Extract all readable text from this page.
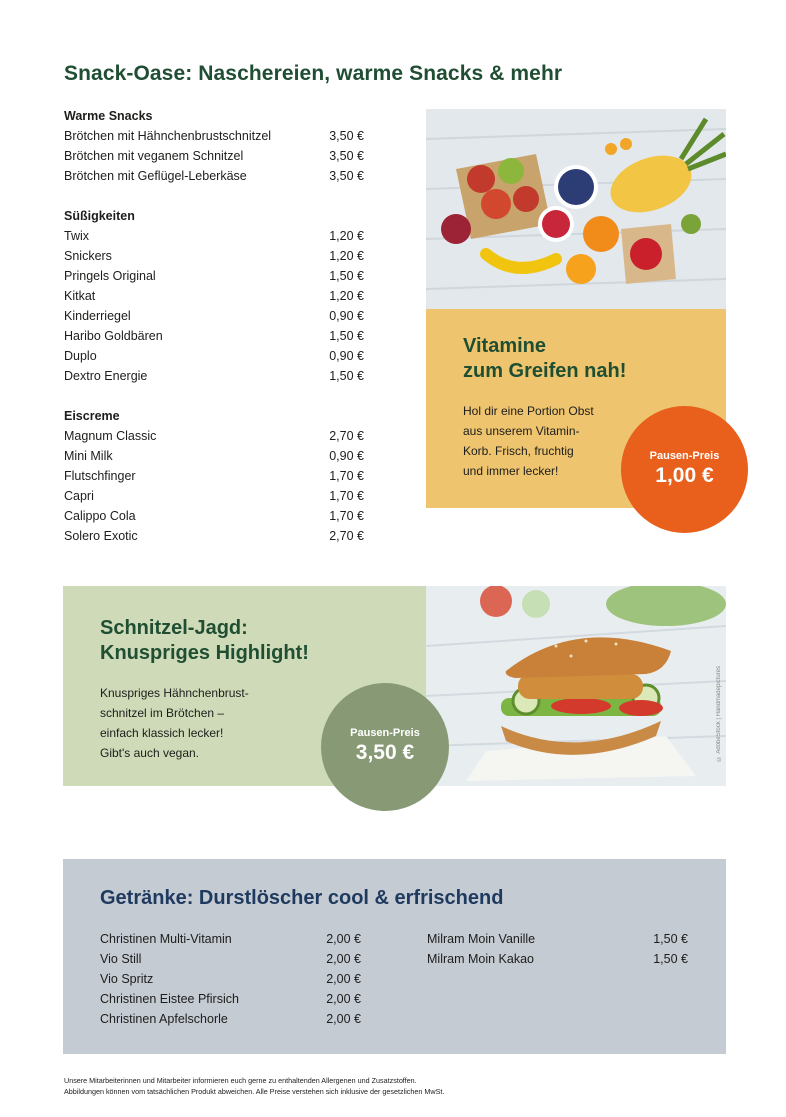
Snack-Oase: Naschereien, warme Snacks & mehr
Warme Snacks
Brötchen mit Hähnchenbrustschnitzel	3,50 €
Brötchen mit veganem Schnitzel	3,50 €
Brötchen mit Geflügel-Leberkäse	3,50 €
Süßigkeiten
Twix	1,20 €
Snickers	1,20 €
Pringels Original	1,50 €
Kitkat	1,20 €
Kinderriegel	0,90 €
Haribo Goldbären	1,50 €
Duplo	0,90 €
Dextro Energie	1,50 €
Eiscreme
Magnum Classic	2,70 €
Mini Milk	0,90 €
Flutschfinger	1,70 €
Capri	1,70 €
Calippo Cola	1,70 €
Solero Exotic	2,70 €
Vitamine
zum Greifen nah!
Hol dir eine Portion Obst
aus unserem Vitamin-
Korb. Frisch, fruchtig
und immer lecker!
Pausen-Preis
1,00 €
Schnitzel-Jagd:
Knuspriges Highlight!
Knuspriges Hähnchenbrust-
schnitzel im Brötchen –
einfach klassich lecker!
Gibt's auch vegan.	© AdobeStock | Handmadepictures
Pausen-Preis
3,50 €
Getränke: Durstlöscher cool & erfrischend
Christinen Multi-Vitamin	2,00 €
Vio Still	2,00 €
Vio Spritz	2,00 €
Christinen Eistee Pfirsich	2,00 €
Christinen Apfelschorle	2,00 €
Milram Moin Vanille	1,50 €
Milram Moin Kakao	1,50 €
Unsere Mitarbeiterinnen und Mitarbeiter informieren euch gerne zu enthaltenden Allergenen und Zusatzstoffen.
Abbildungen können vom tatsächlichen Produkt abweichen. Alle Preise verstehen sich inklusive der gesetzlichen MwSt.
